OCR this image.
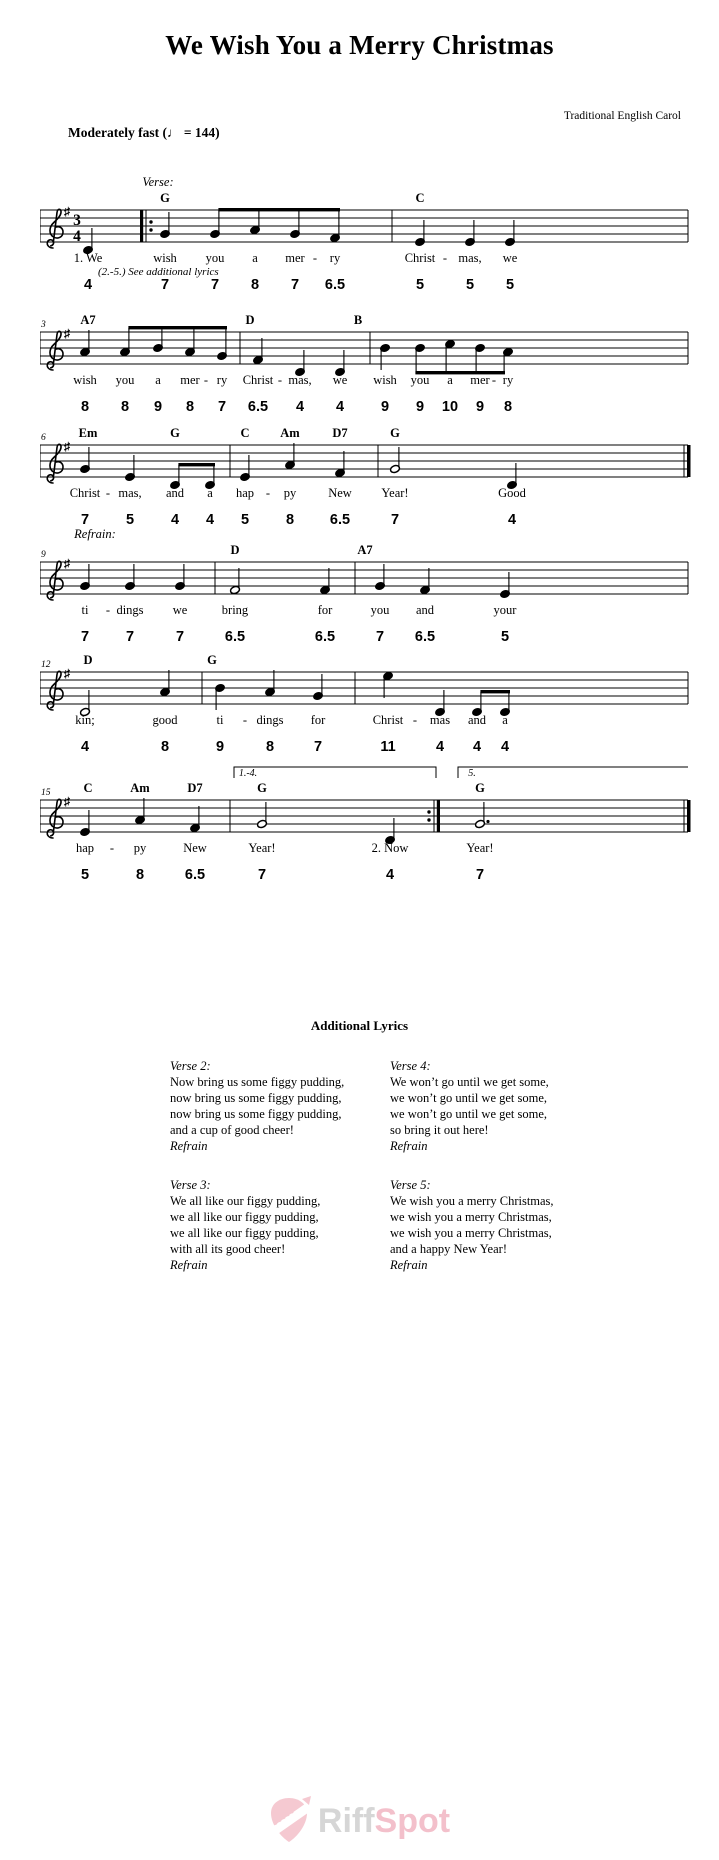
We Wish You a Merry Christmas
Traditional English Carol
Moderately fast (♩ = 144)
♯
3
4
Verse:
G	C
1. We	wish you a mer - ry	Christ - mas, we
(2.-5.) See additional lyrics
4	7	7 8 7 6.5	5	5 5
♯
3	A7	D	B
wish you a mer - ry Christ - mas, we wish you a mer - ry
8 8 9 8 7 6.5 4 4	9 9 10 9 8
♯
6	Em	G	C Am	D7	G
Christ - mas, and a hap - py	New Year!	Good
7	5	4 4 5	8 6.5	7	4
♯
9
Refrain:
D	A7
ti - dings we	bring	for	you and	your
7	7	7	6.5	6.5	7 6.5	5
♯
12	D	G
kin;	good	ti - dings for	Christ - mas and a
4	8	9	8	7	11	4 4 4
♯
15
1.-4.	5.
C	Am	D7	G	G
hap - py	New	Year!	2. Now	Year!
5	8	6.5	7	4	7
Additional Lyrics
Verse 2:
Now bring us some figgy pudding,
now bring us some figgy pudding,
now bring us some figgy pudding,
and a cup of good cheer!
Refrain
Verse 3:
We all like our figgy pudding,
we all like our figgy pudding,
we all like our figgy pudding,
with all its good cheer!
Refrain
Verse 4:
We won’t go until we get some,
we won’t go until we get some,
we won’t go until we get some,
so bring it out here!
Refrain
Verse 5:
We wish you a merry Christmas,
we wish you a merry Christmas,
we wish you a merry Christmas,
and a happy New Year!
Refrain
RiffSpot
